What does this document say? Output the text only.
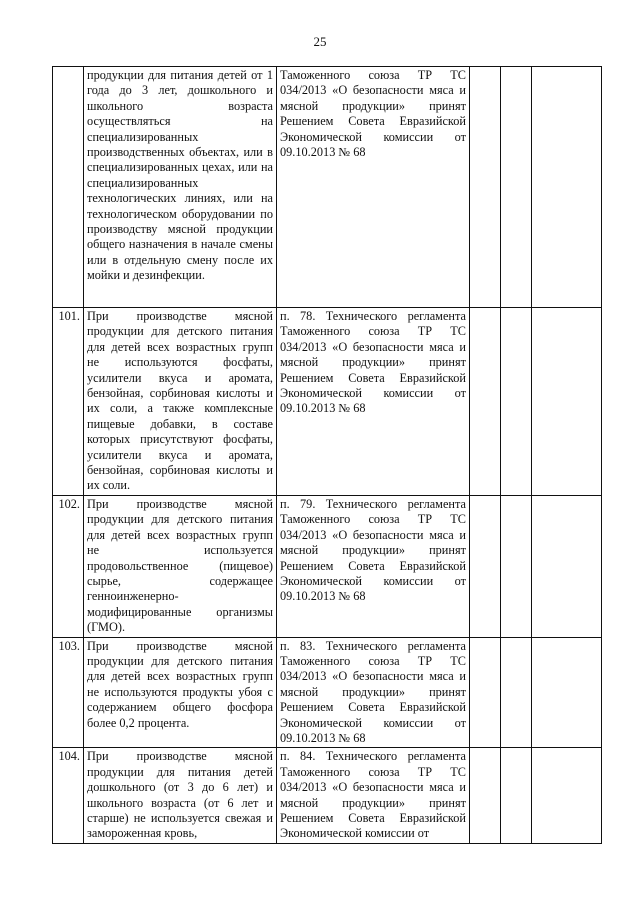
25

	продукции для питания детей от 1 года до 3 лет, дошкольного и школьного возраста осуществляться на специализированных производственных объектах, или в специализированных цехах, или на специализированных технологических линиях, или на технологическом оборудовании по производству мясной продукции общего назначения в начале смены или в отдельную смену после их мойки и дезинфекции.	Таможенного союза ТР ТС 034/2013 «О безопасности мяса и мясной продукции» принят Решением Совета Евразийской Экономической комиссии от 09.10.2013 № 68			

101.	При производстве мясной продукции для детского питания для детей всех возрастных групп не используются фосфаты, усилители вкуса и аромата, бензойная, сорбиновая кислоты и их соли, а также комплексные пищевые добавки, в составе которых присутствуют фосфаты, усилители вкуса и аромата, бензойная, сорбиновая кислоты и их соли.	п. 78. Технического регламента Таможенного союза ТР ТС 034/2013 «О безопасности мяса и мясной продукции» принят Решением Совета Евразийской Экономической комиссии от 09.10.2013 № 68			

102.	При производстве мясной продукции для детского питания для детей всех возрастных групп не используется продовольственное (пищевое) сырье, содержащее генноинженерно-модифицированные организмы (ГМО).	п. 79. Технического регламента Таможенного союза ТР ТС 034/2013 «О безопасности мяса и мясной продукции» принят Решением Совета Евразийской Экономической комиссии от 09.10.2013 № 68			

103.	При производстве мясной продукции для детского питания для детей всех возрастных групп не используются продукты убоя с содержанием общего фосфора более 0,2 процента.	п. 83. Технического регламента Таможенного союза ТР ТС 034/2013 «О безопасности мяса и мясной продукции» принят Решением Совета Евразийской Экономической комиссии от 09.10.2013 № 68			

104.	При производстве мясной продукции для питания детей дошкольного (от 3 до 6 лет) и школьного возраста (от 6 лет и старше) не используется свежая и замороженная кровь,	п. 84. Технического регламента Таможенного союза ТР ТС 034/2013 «О безопасности мяса и мясной продукции» принят Решением Совета Евразийской Экономической комиссии от			
